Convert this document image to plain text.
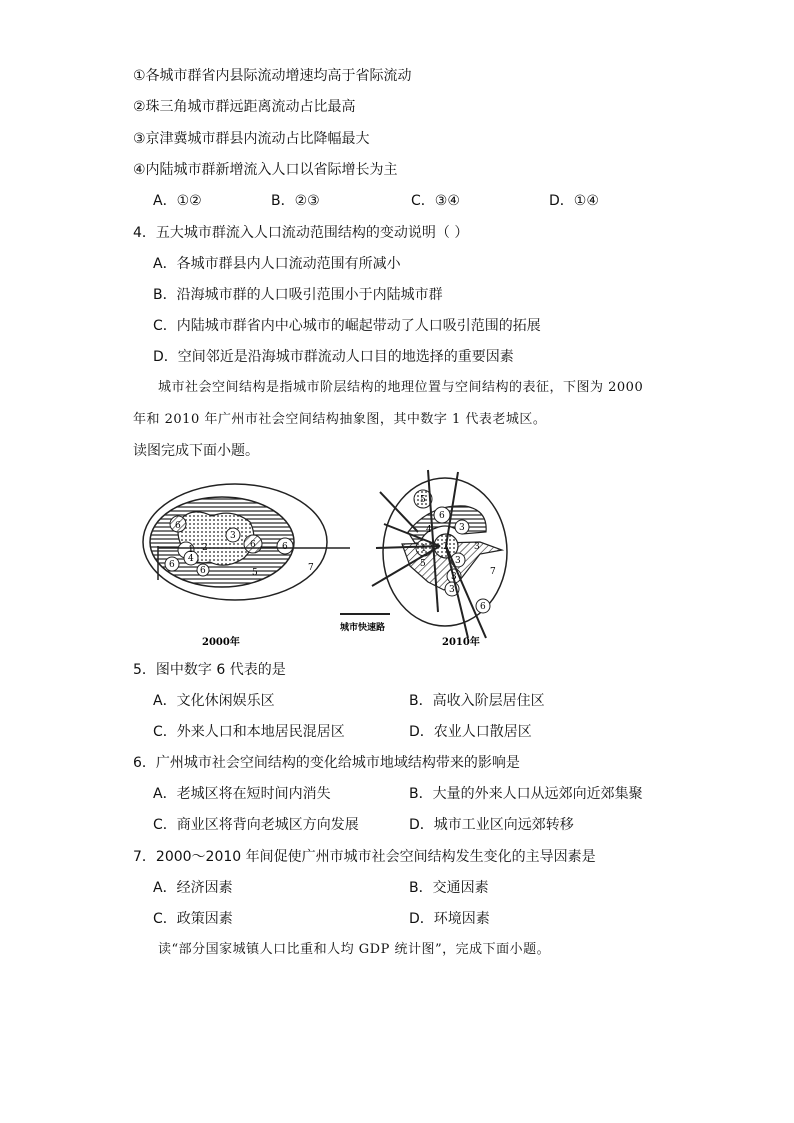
①各城市群省内县际流动增速均高于省际流动
②珠三角城市群远距离流动占比最高
③京津冀城市群县内流动占比降幅最大
④内陆城市群新增流入人口以省际增长为主
A．①②	B．②③	C．③④	D．①④
4．五大城市群流入人口流动范围结构的变动说明（ ）
A．各城市群县内人口流动范围有所减小
B．沿海城市群的人口吸引范围小于内陆城市群
C．内陆城市群省内中心城市的崛起带动了人口吸引范围的拓展
D．空间邻近是沿海城市群流动人口目的地选择的重要因素
城市社会空间结构是指城市阶层结构的地理位置与空间结构的表征，下图为 2000
年和 2010 年广州市社会空间结构抽象图，其中数字 1 代表老城区。
读图完成下面小题。
6
1
4
3
2	6	6
6
6	5	7
5
6
4	3
1 2	3
3
5
3
3
7
6
城市快速路
2000年	2010年
5．图中数字 6 代表的是
A．文化休闲娱乐区	B．高收入阶层居住区
C．外来人口和本地居民混居区	D．农业人口散居区
6．广州城市社会空间结构的变化给城市地域结构带来的影响是
A．老城区将在短时间内消失	B．大量的外来人口从远郊向近郊集聚
C．商业区将背向老城区方向发展	D．城市工业区向远郊转移
7．2000～2010 年间促使广州市城市社会空间结构发生变化的主导因素是
A．经济因素	B．交通因素
C．政策因素	D．环境因素
读“部分国家城镇人口比重和人均 GDP 统计图”，完成下面小题。
